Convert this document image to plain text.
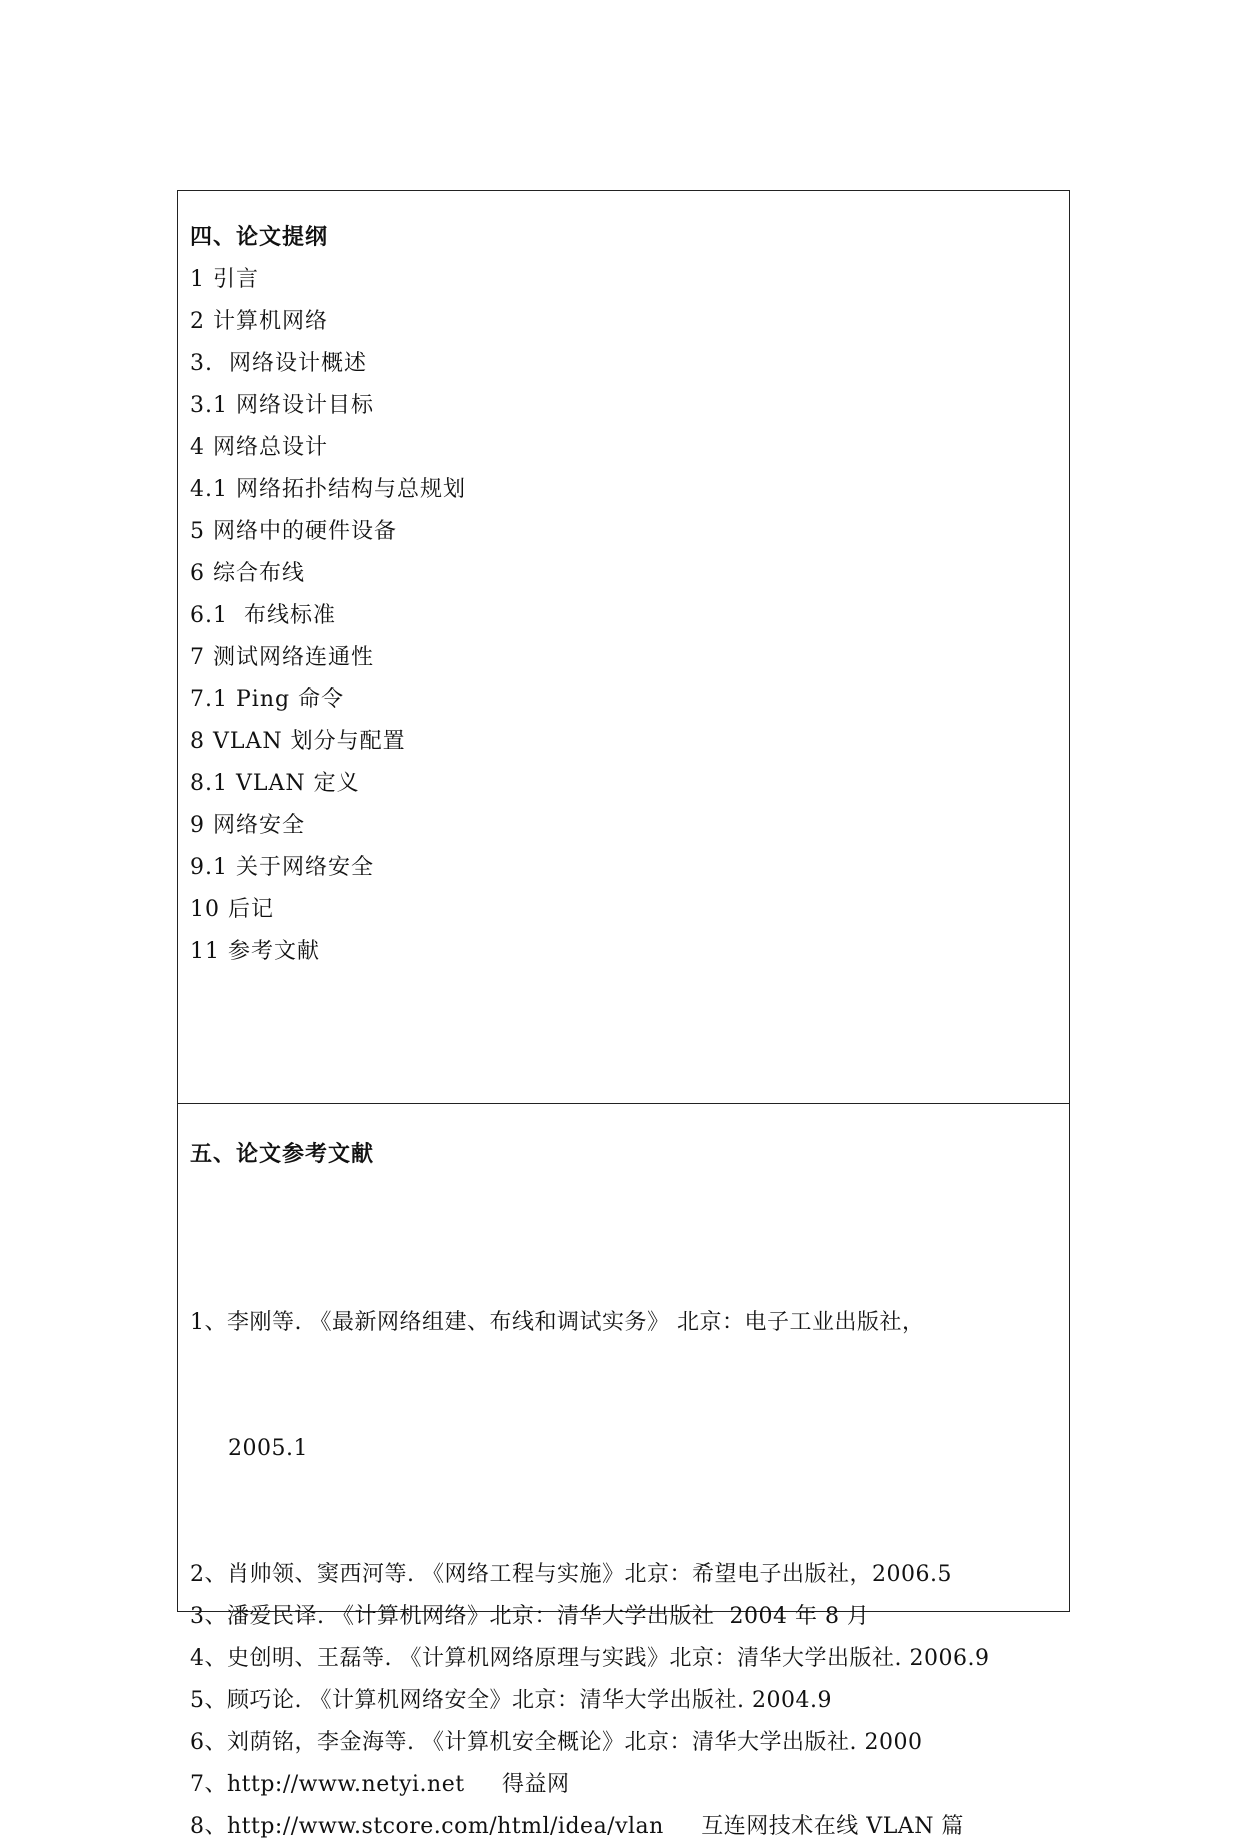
四、论文提纲
1 引言
2 计算机网络
3.  网络设计概述
3.1 网络设计目标
4 网络总设计
4.1 网络拓扑结构与总规划
5 网络中的硬件设备
6 综合布线
6.1  布线标准
7 测试网络连通性
7.1 Ping 命令
8 VLAN 划分与配置
8.1 VLAN 定义
9 网络安全
9.1 关于网络安全
10 后记
11 参考文献
五、论文参考文献

1、李刚等. 《最新网络组建、布线和调试实务》 北京：电子工业出版社，

2005.1

2、肖帅领、窦西河等. 《网络工程与实施》北京：希望电子出版社，2006.5
3、潘爱民译. 《计算机网络》北京：清华大学出版社  2004 年 8 月
4、史创明、王磊等. 《计算机网络原理与实践》北京：清华大学出版社. 2006.9
5、顾巧论. 《计算机网络安全》北京：清华大学出版社. 2004.9
6、刘荫铭，李金海等. 《计算机安全概论》北京：清华大学出版社. 2000
7、http://www.netyi.net     得益网
8、http://www.stcore.com/html/idea/vlan     互连网技术在线 VLAN 篇
